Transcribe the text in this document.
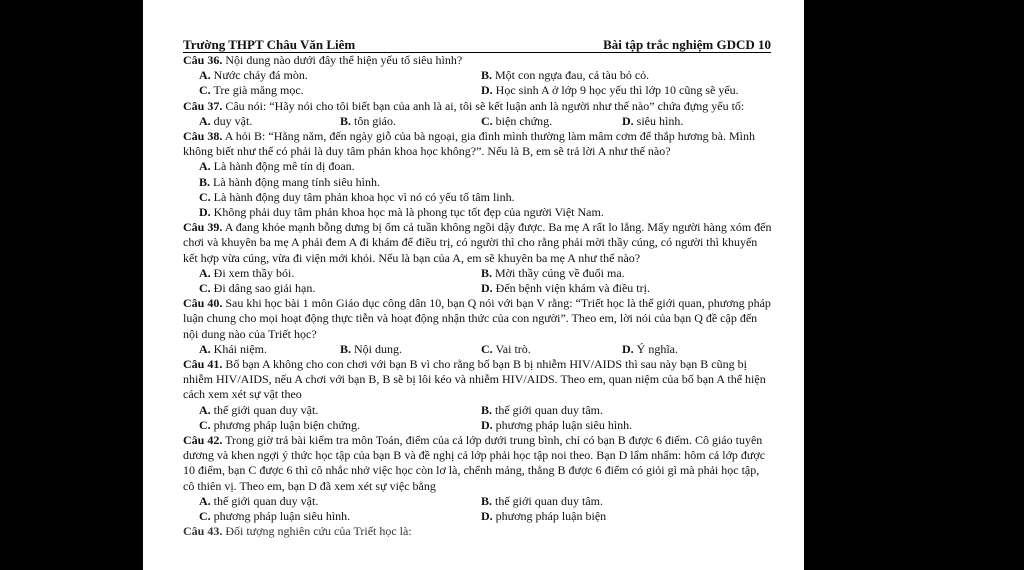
Trường THPT Châu Văn Liêm	Bài tập trắc nghiệm GDCD 10

Câu 36. Nội dung nào dưới đây thể hiện yếu tố siêu hình?

A. Nước chảy đá mòn.	B. Một con ngựa đau, cả tàu bỏ cỏ.
C. Tre già măng mọc.	D. Học sinh A ở lớp 9 học yếu thì lớp 10 cũng sẽ yếu.

Câu 37. Câu nói: “Hãy nói cho tôi biết bạn của anh là ai, tôi sẽ kết luận anh là người như thế nào” chứa đựng yếu tố:

A. duy vật.	B. tôn giáo.	C. biện chứng.	D. siêu hình.

Câu 38. A hỏi B: “Hằng năm, đến ngày giỗ của bà ngoại, gia đình mình thường làm mâm cơm để thắp hương bà. Mình không biết như thế có phải là duy tâm phản khoa học không?”. Nếu là B, em sẽ trả lời A như thế nào?

A. Là hành động mê tín dị đoan.
B. Là hành động mang tính siêu hình.
C. Là hành động duy tâm phản khoa học vì nó có yếu tố tâm linh.
D. Không phải duy tâm phản khoa học mà là phong tục tốt đẹp của người Việt Nam.

Câu 39. A đang khỏe mạnh bỗng dưng bị ốm cả tuần không ngồi dậy được. Ba mẹ A rất lo lắng. Mấy người hàng xóm đến chơi và khuyên ba mẹ A phải đem A đi khám để điều trị, có người thì cho rằng phải mời thầy cúng, có người thì khuyến kết hợp vừa cúng, vừa đi viện mới khỏi. Nếu là bạn của A, em sẽ khuyên ba mẹ A như thế nào?

A. Đi xem thầy bói.	B. Mời thầy cúng về đuổi ma.
C. Đi dâng sao giải hạn.	D. Đến bệnh viện khám và điều trị.

Câu 40. Sau khi học bài 1 môn Giáo dục công dân 10, bạn Q nói với bạn V rằng: “Triết học là thế giới quan, phương pháp luận chung cho mọi hoạt động thực tiễn và hoạt động nhận thức của con người”. Theo em, lời nói của bạn Q đề cập đến nội dung nào của Triết học?

A. Khái niệm.	B. Nội dung.	C. Vai trò.	D. Ý nghĩa.

Câu 41. Bố bạn A không cho con chơi với bạn B vì cho rằng bố bạn B bị nhiễm HIV/AIDS thì sau này bạn B cũng bị nhiễm HIV/AIDS, nếu A chơi với bạn B, B sẽ bị lôi kéo và nhiễm HIV/AIDS. Theo em, quan niệm của bố bạn A thể hiện cách xem xét sự vật theo

A. thế giới quan duy vật.	B. thế giới quan duy tâm.
C. phương pháp luận biện chứng.	D. phương pháp luận siêu hình.

Câu 42. Trong giờ trả bài kiểm tra môn Toán, điểm của cả lớp dưới trung bình, chỉ có bạn B được 6 điểm. Cô giáo tuyên dương và khen ngợi ý thức học tập của bạn B và đề nghị cả lớp phải học tập noi theo. Bạn D lẩm nhẩm: hôm cả lớp được 10 điểm, bạn C được 6 thì cô nhắc nhở việc học còn lơ là, chểnh mảng, thằng B được 6 điểm có giỏi gì mà phải học tập, cô thiên vị. Theo em, bạn D đã xem xét sự việc bằng

A. thế giới quan duy vật.	B. thế giới quan duy tâm.
C. phương pháp luận siêu hình.	D. phương pháp luận biện

Câu 43. Đối tượng nghiên cứu của Triết học là:
